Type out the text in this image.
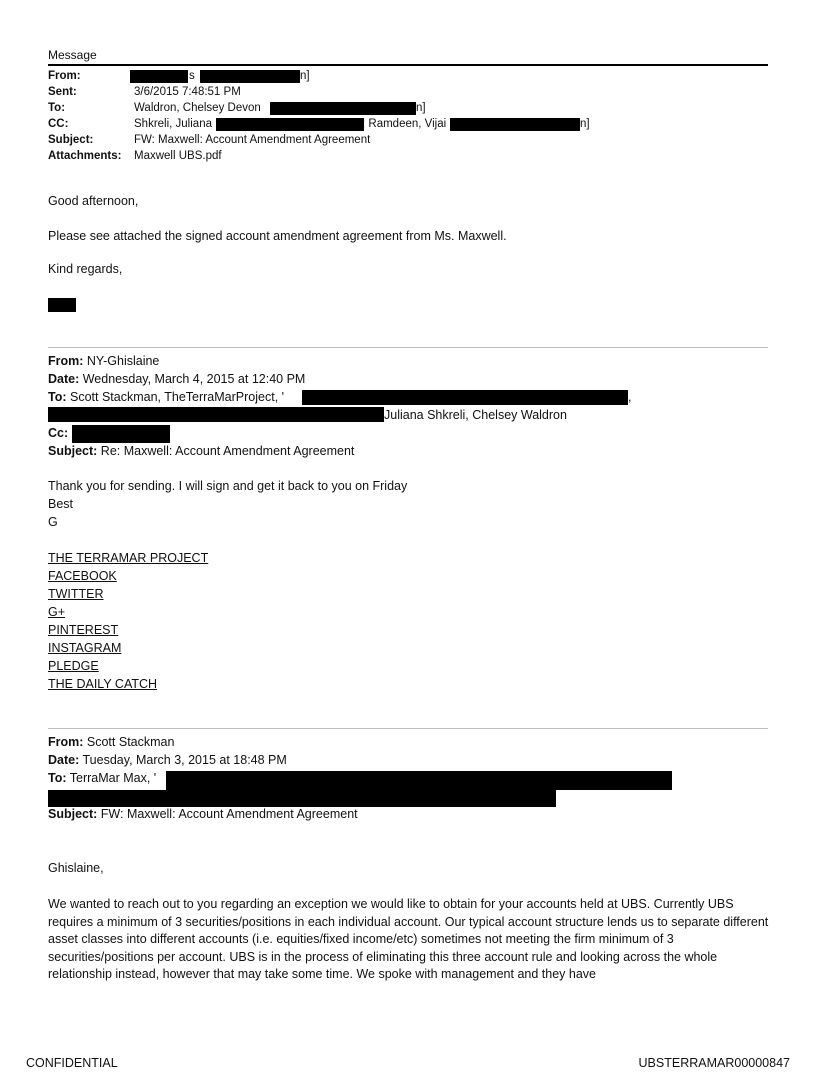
Message
From:	s	n]
Sent:	3/6/2015 7:48:51 PM
To:	Waldron, Chelsey Devon	n]
CC:	Shkreli, Juliana	; Ramdeen, Vijai	n]
Subject:	FW: Maxwell: Account Amendment Agreement
Attachments: Maxwell UBS.pdf
Good afternoon,
Please see attached the signed account amendment agreement from Ms. Maxwell.
Kind regards,
From: NY-Ghislaine
Date: Wednesday, March 4, 2015 at 12:40 PM
To: Scott Stackman, TheTerraMarProject, '	,
Juliana Shkreli, Chelsey Waldron
Cc:
Subject: Re: Maxwell: Account Amendment Agreement
Thank you for sending. I will sign and get it back to you on Friday
Best
G
THE TERRAMAR PROJECT
FACEBOOK
TWITTER
G+
PINTEREST
INSTAGRAM
PLEDGE
THE DAILY CATCH
From: Scott Stackman
Date: Tuesday, March 3, 2015 at 18:48 PM
To: TerraMar Max, '
Subject: FW: Maxwell: Account Amendment Agreement
Ghislaine,
We wanted to reach out to you regarding an exception we would like to obtain for your accounts held at UBS. Currently UBS requires a minimum of 3 securities/positions in each individual account. Our typical account structure lends us to separate different asset classes into different accounts (i.e. equities/fixed income/etc) sometimes not meeting the firm minimum of 3 securities/positions per account. UBS is in the process of eliminating this three account rule and looking across the whole relationship instead, however that may take some time. We spoke with management and they have
CONFIDENTIAL	UBSTERRAMAR00000847
